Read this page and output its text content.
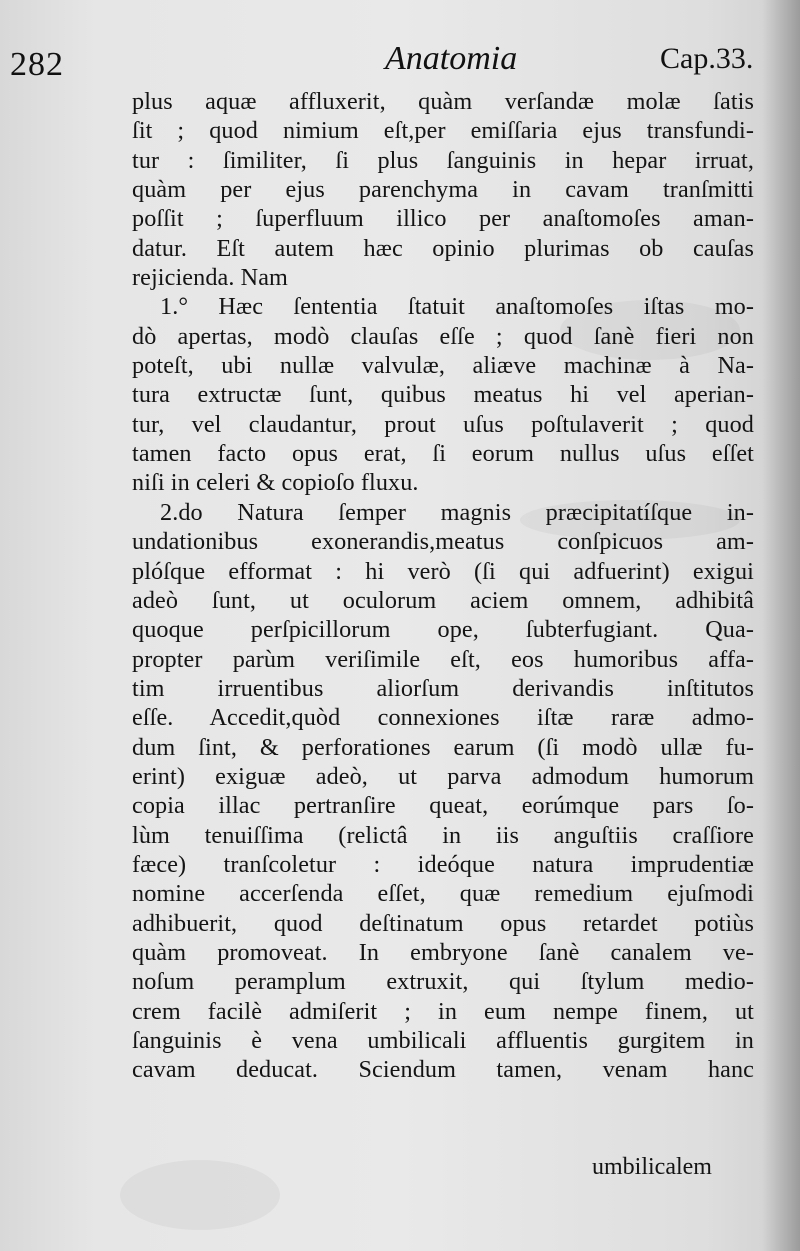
282	Anatomia	Cap.33.
plus aquæ affluxerit, quàm verſandæ molæ ſatis
ſit ; quod nimium eſt,per emiſſaria ejus transfundi-
tur : ſimiliter, ſi plus ſanguinis in hepar irruat,
quàm per ejus parenchyma in cavam tranſmitti
poſſit ; ſuperfluum illico per anaſtomoſes aman-
datur. Eſt autem hæc opinio plurimas ob cauſas
rejicienda. Nam
1.° Hæc ſententia ſtatuit anaſtomoſes iſtas mo-
dò apertas, modò clauſas eſſe ; quod ſanè fieri non
poteſt, ubi nullæ valvulæ, aliæve machinæ à Na-
tura extructæ ſunt, quibus meatus hi vel aperian-
tur, vel claudantur, prout uſus poſtulaverit ; quod
tamen facto opus erat, ſi eorum nullus uſus eſſet
niſi in celeri & copioſo fluxu.
2.do Natura ſemper magnis præcipitatíſque in-
undationibus exonerandis,meatus conſpicuos am-
plóſque efformat : hi verò (ſi qui adfuerint) exigui
adeò ſunt, ut oculorum aciem omnem, adhibitâ
quoque perſpicillorum ope, ſubterfugiant. Qua-
propter parùm veriſimile eſt, eos humoribus affa-
tim irruentibus aliorſum derivandis inſtitutos
eſſe. Accedit,quòd connexiones iſtæ raræ admo-
dum ſint, & perforationes earum (ſi modò ullæ fu-
erint) exiguæ adeò, ut parva admodum humorum
copia illac pertranſire queat, eorúmque pars ſo-
lùm tenuiſſima (relictâ in iis anguſtiis craſſiore
fæce) tranſcoletur : ideóque natura imprudentiæ
nomine accerſenda eſſet, quæ remedium ejuſmodi
adhibuerit, quod deſtinatum opus retardet potiùs
quàm promoveat. In embryone ſanè canalem ve-
noſum peramplum extruxit, qui ſtylum medio-
crem facilè admiſerit ; in eum nempe finem, ut
ſanguinis è vena umbilicali affluentis gurgitem in
cavam deducat. Sciendum tamen, venam hanc
umbilicalem
